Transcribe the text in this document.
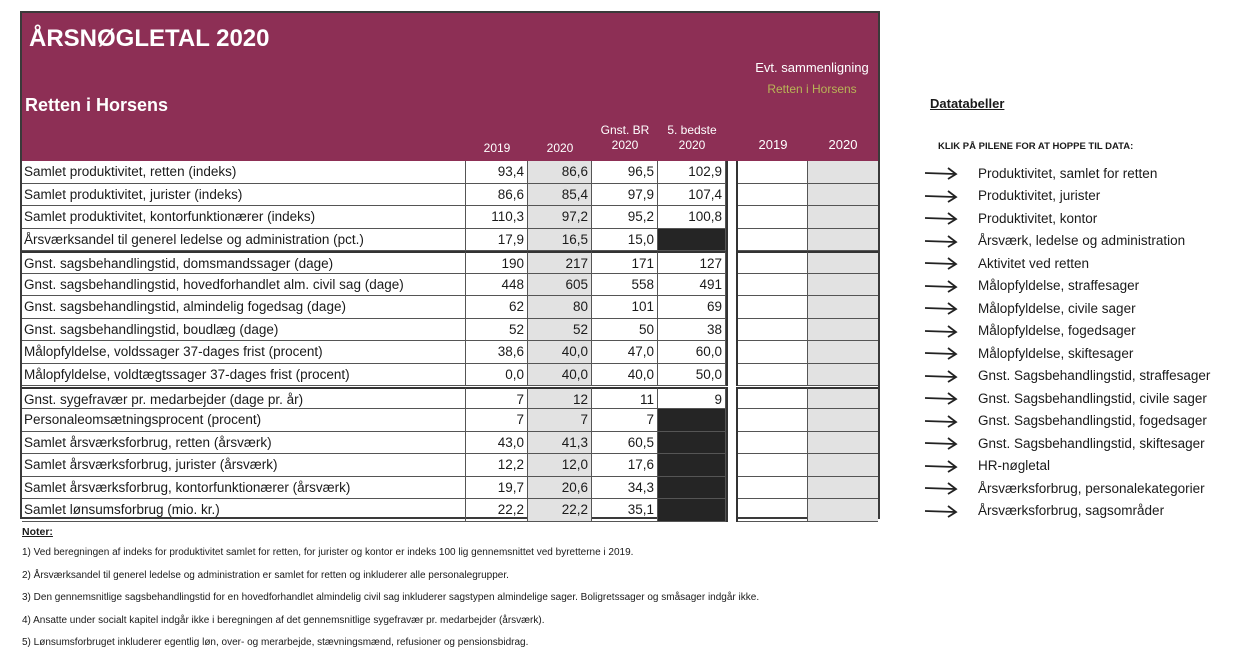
ÅRSNØGLETAL 2020
Retten i Horsens
Evt. sammenligning
Retten i Horsens
2019	2020
Gnst. BR
2020
5. bedste
2020	2019	2020
Samlet produktivitet, retten (indeks)	93,4	86,6	96,5	102,9
Samlet produktivitet, jurister (indeks)	86,6	85,4	97,9	107,4
Samlet produktivitet, kontorfunktionærer (indeks)	110,3	97,2	95,2	100,8
Årsværksandel til generel ledelse og administration (pct.)	17,9	16,5	15,0
Gnst. sagsbehandlingstid, domsmandssager (dage)	190	217	171	127
Gnst. sagsbehandlingstid, hovedforhandlet alm. civil sag (dage)	448	605	558	491
Gnst. sagsbehandlingstid, almindelig fogedsag (dage)	62	80	101	69
Gnst. sagsbehandlingstid, boudlæg (dage)	52	52	50	38
Målopfyldelse, voldssager 37-dages frist (procent)	38,6	40,0	47,0	60,0
Målopfyldelse, voldtægtssager 37-dages frist (procent)	0,0	40,0	40,0	50,0
Gnst. sygefravær pr. medarbejder (dage pr. år)	7	12	11	9
Personaleomsætningsprocent (procent)	7	7	7
Samlet årsværksforbrug, retten (årsværk)	43,0	41,3	60,5
Samlet årsværksforbrug, jurister (årsværk)	12,2	12,0	17,6
Samlet årsværksforbrug, kontorfunktionærer (årsværk)	19,7	20,6	34,3
Samlet lønsumsforbrug (mio. kr.)	22,2	22,2	35,1
Noter:
1) Ved beregningen af indeks for produktivitet samlet for retten, for jurister og kontor er indeks 100 lig gennemsnittet ved byretterne i 2019.
2) Årsværksandel til generel ledelse og administration er samlet for retten og inkluderer alle personalegrupper.
3) Den gennemsnitlige sagsbehandlingstid for en hovedforhandlet almindelig civil sag inkluderer sagstypen almindelige sager. Boligretssager og småsager indgår ikke.
4) Ansatte under socialt kapitel indgår ikke i beregningen af det gennemsnitlige sygefravær pr. medarbejder (årsværk).
5) Lønsumsforbruget inkluderer egentlig løn, over- og merarbejde, stævningsmænd, refusioner og pensionsbidrag.
Datatabeller
KLIK PÅ PILENE FOR AT HOPPE TIL DATA:
Produktivitet, samlet for retten
Produktivitet, jurister
Produktivitet, kontor
Årsværk, ledelse og administration
Aktivitet ved retten
Målopfyldelse, straffesager
Målopfyldelse, civile sager
Målopfyldelse, fogedsager
Målopfyldelse, skiftesager
Gnst. Sagsbehandlingstid, straffesager
Gnst. Sagsbehandlingstid, civile sager
Gnst. Sagsbehandlingstid, fogedsager
Gnst. Sagsbehandlingstid, skiftesager
HR-nøgletal
Årsværksforbrug, personalekategorier
Årsværksforbrug, sagsområder
